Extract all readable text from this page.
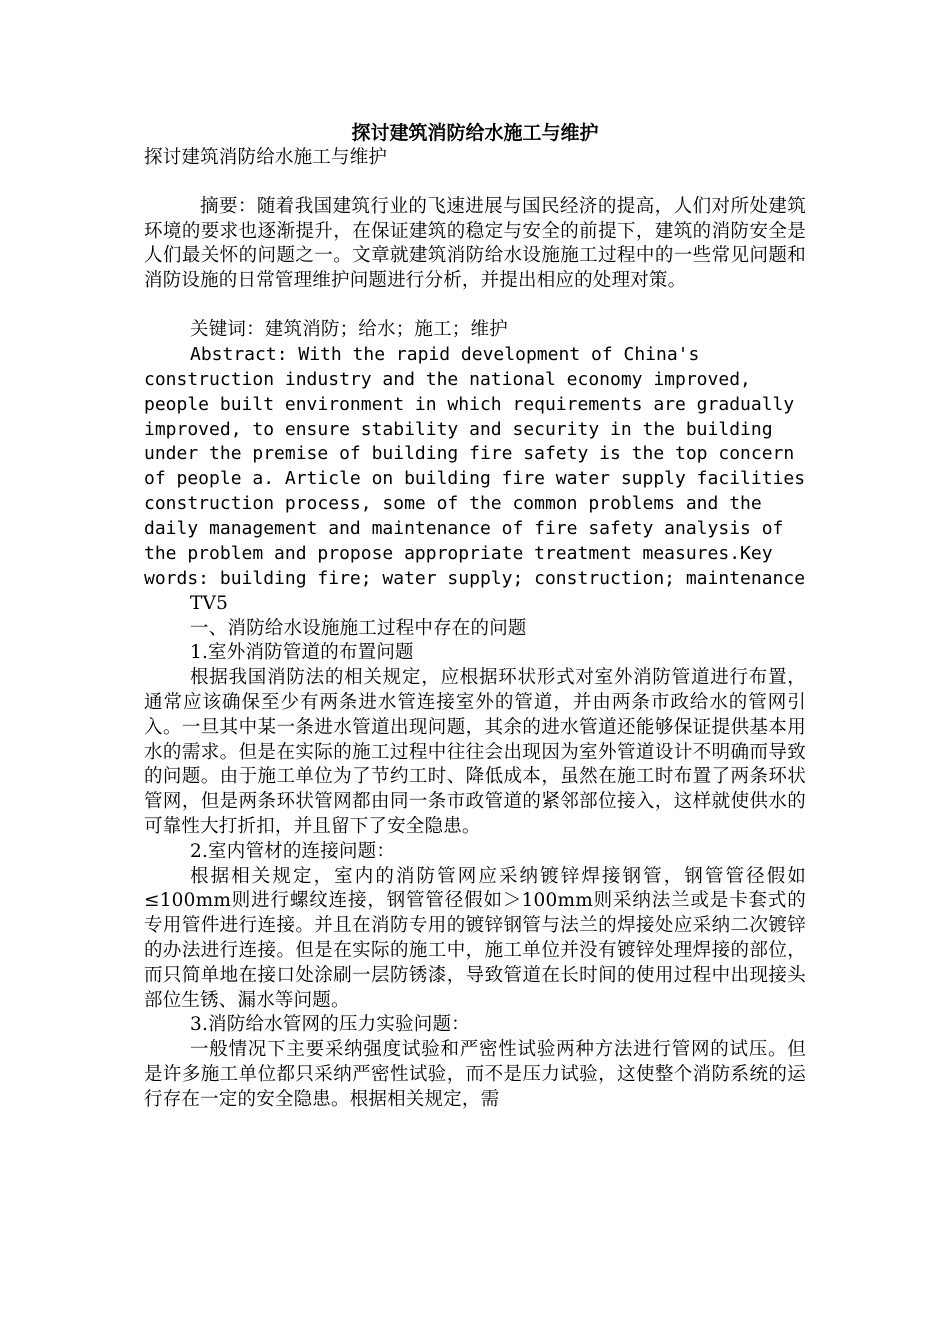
探讨建筑消防给水施工与维护

探讨建筑消防给水施工与维护

摘要：随着我国建筑行业的飞速进展与国民经济的提高，人们对所处建筑环境的要求也逐渐提升，在保证建筑的稳定与安全的前提下，建筑的消防安全是人们最关怀的问题之一。文章就建筑消防给水设施施工过程中的一些常见问题和消防设施的日常管理维护问题进行分析，并提出相应的处理对策。

关键词：建筑消防；给水；施工；维护

Abstract: With the rapid development of China's construction industry and the national economy improved, people built environment in which requirements are gradually improved, to ensure stability and security in the building under the premise of building fire safety is the top concern of people a. Article on building fire water supply facilities construction process, some of the common problems and the daily management and maintenance of fire safety analysis of the problem and propose appropriate treatment measures.Key words: building fire; water supply; construction; maintenance

TV5

一、消防给水设施施工过程中存在的问题

1.室外消防管道的布置问题

根据我国消防法的相关规定，应根据环状形式对室外消防管道进行布置，通常应该确保至少有两条进水管连接室外的管道，并由两条市政给水的管网引入。一旦其中某一条进水管道出现问题，其余的进水管道还能够保证提供基本用水的需求。但是在实际的施工过程中往往会出现因为室外管道设计不明确而导致的问题。由于施工单位为了节约工时、降低成本，虽然在施工时布置了两条环状管网，但是两条环状管网都由同一条市政管道的紧邻部位接入，这样就使供水的可靠性大打折扣，并且留下了安全隐患。

2.室内管材的连接问题：

根据相关规定，室内的消防管网应采纳镀锌焊接钢管，钢管管径假如≤100mm则进行螺纹连接，钢管管径假如＞100mm则采纳法兰或是卡套式的专用管件进行连接。并且在消防专用的镀锌钢管与法兰的焊接处应采纳二次镀锌的办法进行连接。但是在实际的施工中，施工单位并没有镀锌处理焊接的部位，而只简单地在接口处涂刷一层防锈漆，导致管道在长时间的使用过程中出现接头部位生锈、漏水等问题。

3.消防给水管网的压力实验问题：

一般情况下主要采纳强度试验和严密性试验两种方法进行管网的试压。但是许多施工单位都只采纳严密性试验，而不是压力试验，这使整个消防系统的运行存在一定的安全隐患。根据相关规定，需
